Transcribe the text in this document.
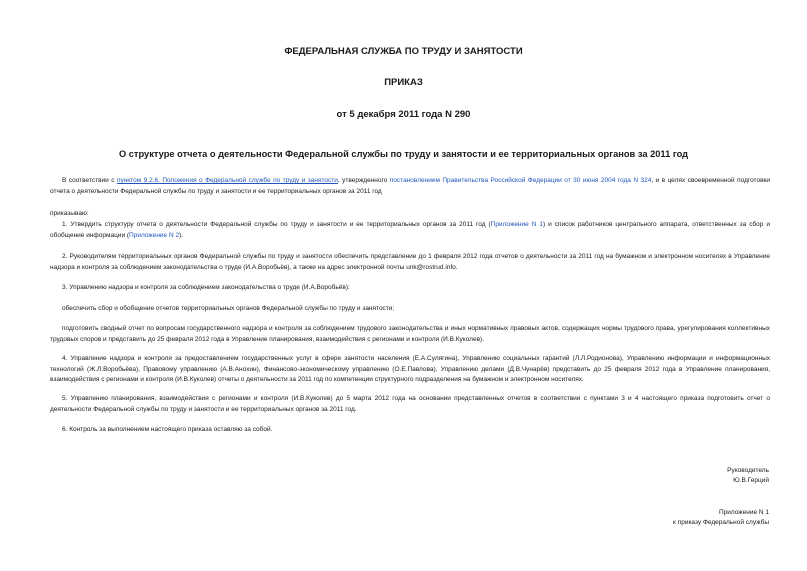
ФЕДЕРАЛЬНАЯ СЛУЖБА ПО ТРУДУ И ЗАНЯТОСТИ
ПРИКАЗ
от 5 декабря 2011 года N 290
О структуре отчета о деятельности Федеральной службы по труду и занятости и ее территориальных органов за 2011 год
В соответствии с пунктом 9.2.6. Положения о Федеральной службе по труду и занятости, утвержденного постановлением Правительства Российской Федерации от 30 июня 2004 года N 324, и в целях своевременной подготовки отчета о деятельности Федеральной службы по труду и занятости и ее территориальных органов за 2011 год
приказываю:
1. Утвердить структуру отчета о деятельности Федеральной службы по труду и занятости и ее территориальных органов за 2011 год (Приложение N 1) и список работников центрального аппарата, ответственных за сбор и обобщение информации (Приложение N 2).
2. Руководителям территориальных органов Федеральной службы по труду и занятости обеспечить представление до 1 февраля 2012 года отчетов о деятельности за 2011 год на бумажном и электронном носителях в Управление надзора и контроля за соблюдением законодательства о труде (И.А.Воробьёв), а также на адрес электронной почты unk@rostrud.info.
3. Управлению надзора и контроля за соблюдением законодательства о труде (И.А.Воробьёв):
обеспечить сбор и обобщение отчетов территориальных органов Федеральной службы по труду и занятости;
подготовить сводный отчет по вопросам государственного надзора и контроля за соблюдением трудового законодательства и иных нормативных правовых актов, содержащих нормы трудового права, урегулирования коллективных трудовых споров и представить до 25 февраля 2012 года в Управление планирования, взаимодействия с регионами и контроля (И.В.Куколев).
4. Управление надзора и контроля за предоставлением государственных услуг в сфере занятости населения (Е.А.Сулягина), Управлению социальных гарантий (Л.Л.Родионова), Управлению информации и информационных технологий (Ж.Л.Воробьёва), Правовому управлению (А.В.Анохин), Финансово-экономическому управлению (О.Е.Павлова), Управлению делами (Д.В.Чунарёв) представить до 25 февраля 2012 года в Управление планирования, взаимодействия с регионами и контроля (И.В.Куколев) отчеты о деятельности за 2011 год по компетенции структурного подразделения на бумажном и электронном носителях.
5. Управлению планирования, взаимодействия с регионами и контроля (И.В.Куколев) до 5 марта 2012 года на основании представленных отчетов в соответствии с пунктами 3 и 4 настоящего приказа подготовить отчет о деятельности Федеральной службы по труду и занятости и ее территориальных органов за 2011 год.
6. Контроль за выполнением настоящего приказа оставляю за собой.
Руководитель
Ю.В.Герций
Приложение N 1
к приказу Федеральной службы
